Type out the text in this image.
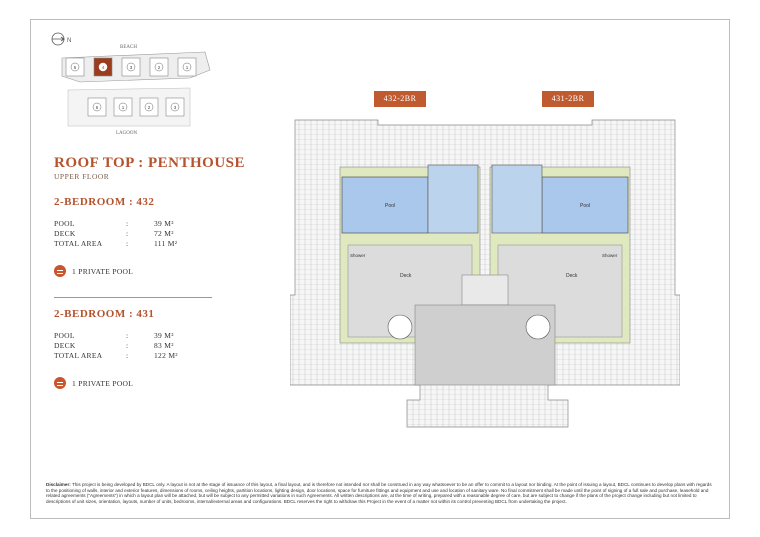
N
BEACH
5	4	3	2	1
6	1	2	3
LAGOON
ROOF TOP : PENTHOUSE
UPPER FLOOR
2-BEDROOM : 432
POOL	:	39 M²
DECK	:	72 M²
TOTAL AREA	:	111 M²
1 PRIVATE POOL
2-BEDROOM : 431
POOL	:	39 M²
DECK	:	83 M²
TOTAL AREA	:	122 M²
1 PRIVATE POOL
432-2BR	431-2BR
Pool	Pool
Deck	Deck
Shower	Shower
Disclaimer: This project is being developed by BDCL only. A layout is not at the stage of issuance of this layout, a final layout, and is therefore not intended nor shall be construed in any way whatsoever to be an offer to commit to a layout nor binding. At the point of issuing a layout, BDCL continues to develop plans with regards to the positioning of walls, interior and exterior features, dimensions of rooms, ceiling heights, partition locations, lighting design, door locations, space for furniture fittings and equipment and use and location of sanitary ware. No final commitment shall be made until the point of signing of a full sale and purchase, leasehold and related agreements ("Agreements") in which a layout plan will be attached, but will be subject to any permitted variations in such Agreements. All written descriptions are, at the time of writing, prepared with a reasonable degree of care, but are subject to change if the plans of the project change including but not limited to descriptions of unit sizes, orientation, layouts, number of units, bedrooms, internal/external areas and configurations. BDCL reserves the right to withdraw this Project in the event of a matter not within its control preventing BDCL from undertaking the project.
